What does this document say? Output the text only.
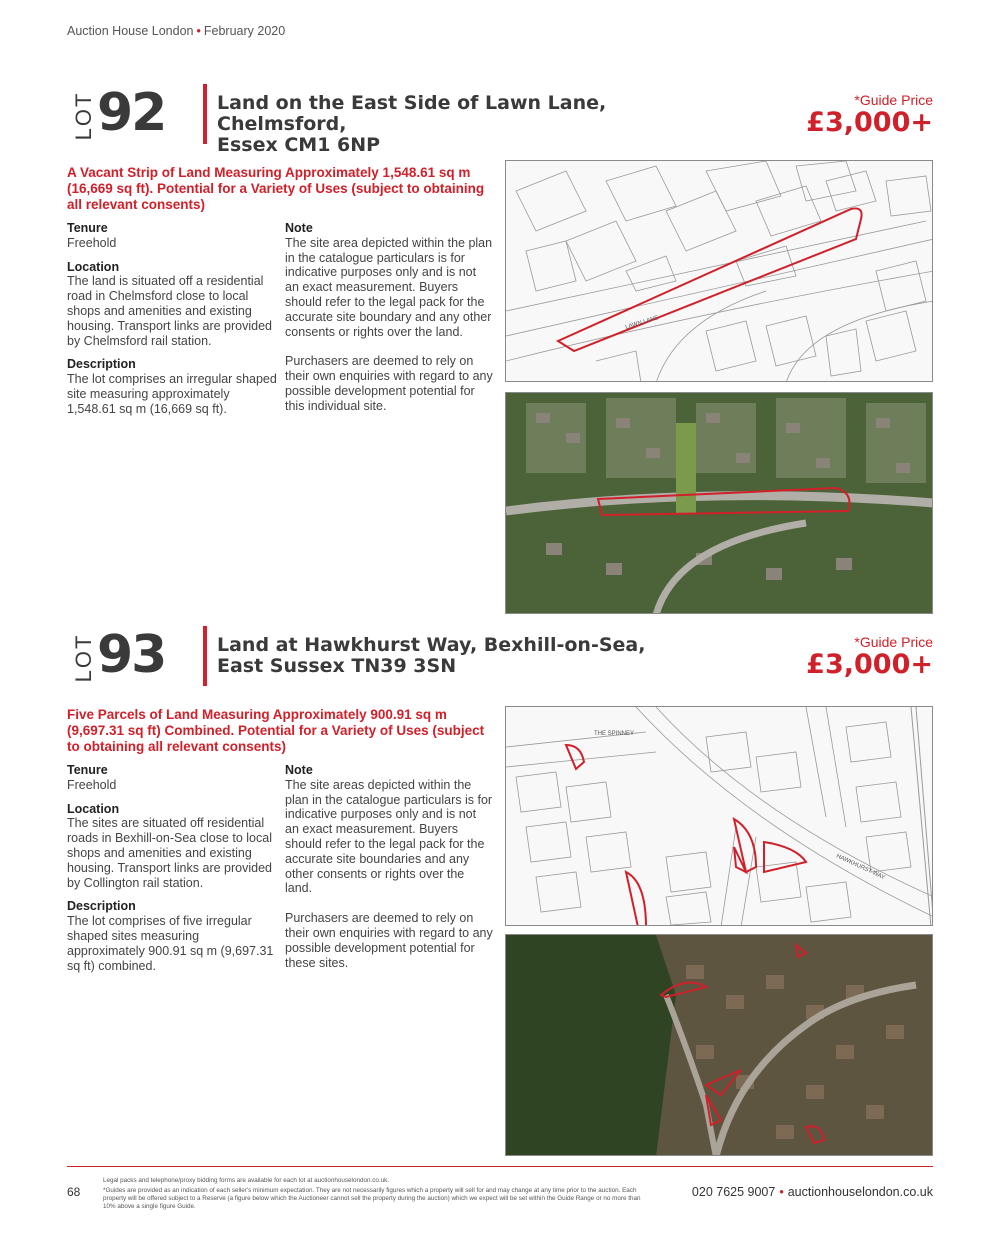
Auction House London • February 2020
LOT 92	Land on the East Side of Lawn Lane, Chelmsford,
Essex CM1 6NP
*Guide Price
£3,000+
A Vacant Strip of Land Measuring Approximately 1,548.61 sq m (16,669 sq ft). Potential for a Variety of Uses (subject to obtaining all relevant consents)
Tenure

Freehold

Location

The land is situated off a residential road in Chelmsford close to local shops and amenities and existing housing. Transport links are provided by Chelmsford rail station.

Description

The lot comprises an irregular shaped site measuring approximately 1,548.61 sq m (16,669 sq ft).

Note

The site area depicted within the plan in the catalogue particulars is for indicative purposes only and is not an exact measurement. Buyers should refer to the legal pack for the accurate site boundary and any other consents or rights over the land.

Purchasers are deemed to rely on their own enquiries with regard to any possible development potential for this individual site.

LAWN LANE
LOT 93	Land at Hawkhurst Way, Bexhill-on-Sea,
East Sussex TN39 3SN
*Guide Price
£3,000+
Five Parcels of Land Measuring Approximately 900.91 sq m (9,697.31 sq ft) Combined. Potential for a Variety of Uses (subject to obtaining all relevant consents)
Tenure

Freehold

Location

The sites are situated off residential roads in Bexhill-on-Sea close to local shops and amenities and existing housing. Transport links are provided by Collington rail station.

Description

The lot comprises of five irregular shaped sites measuring approximately 900.91 sq m (9,697.31 sq ft) combined.

Note

The site areas depicted within the plan in the catalogue particulars is for indicative purposes only and is not an exact measurement. Buyers should refer to the legal pack for the accurate site boundaries and any other consents or rights over the land.

Purchasers are deemed to rely on their own enquiries with regard to any possible development potential for these sites.

THE SPINNEY
HAWKHURST WAY
68
Legal packs and telephone/proxy bidding forms are available for each lot at auctionhouselondon.co.uk.
*Guides are provided as an indication of each seller's minimum expectation. They are not necessarily figures which a property will sell for and may change at any time prior to the auction. Each property will be offered subject to a Reserve (a figure below which the Auctioneer cannot sell the property during the auction) which we expect will be set within the Guide Range or no more than 10% above a single figure Guide.
020 7625 9007 • auctionhouselondon.co.uk
